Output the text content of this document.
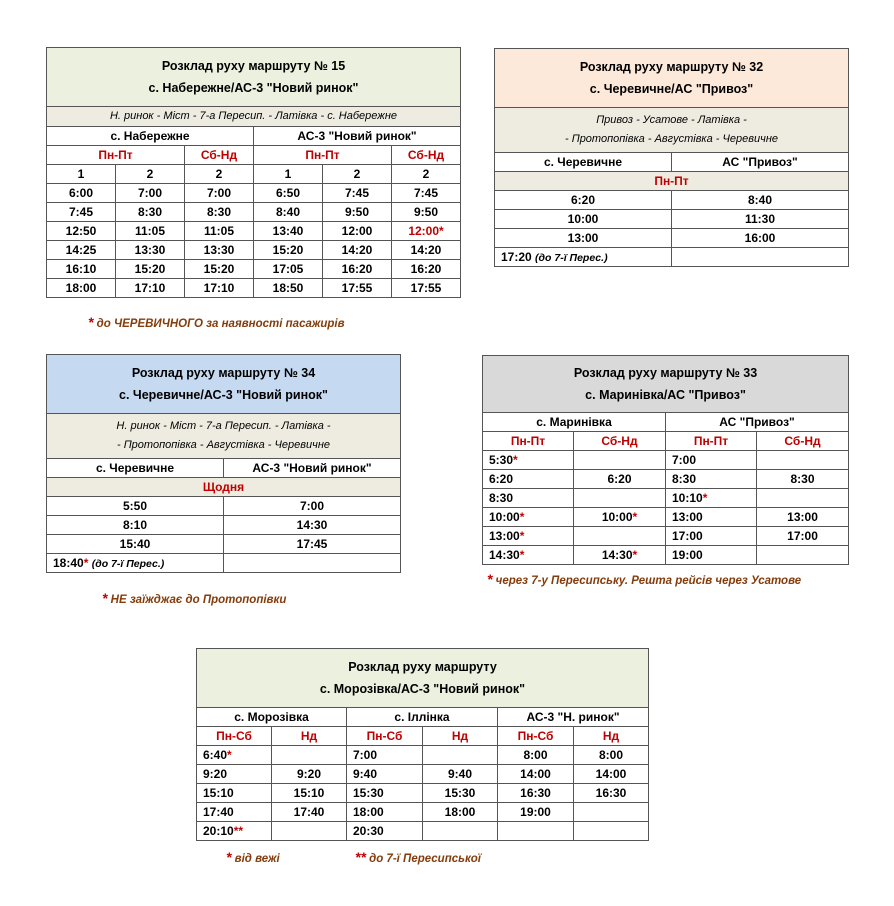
Розклад руху маршруту № 15
с. Набережне/АС-3 "Новий ринок"					

Н. ринок - Міст - 7-а Пересип. - Латівка - с. Набережне					
с. Набережне			АС-3 "Новий ринок"		
Пн-Пт		Сб-Нд	Пн-Пт		Сб-Нд
1	2	2	1	2	2
6:00	7:00	7:00	6:50	7:45	7:45
7:45	8:30	8:30	8:40	9:50	9:50
12:50	11:05	11:05	13:40	12:00	12:00*
14:25	13:30	13:30	15:20	14:20	14:20
16:10	15:20	15:20	17:05	16:20	16:20
18:00	17:10	17:10	18:50	17:55	17:55
* до ЧЕРЕВИЧНОГО за наявності пасажирів
Розклад руху маршруту № 32
с. Черевичне/АС "Привоз"	

Привоз - Усатове - Латівка -
- Протопопівка - Августівка - Черевичне	

с. Черевичне	АС "Привоз"
Пн-Пт	
6:20	8:40
10:00	11:30
13:00	16:00
17:20 (до 7-ї Перес.)	
Розклад руху маршруту № 34
с. Черевичне/АС-3 "Новий ринок"	

Н. ринок - Міст - 7-а Пересип. - Латівка -
- Протопопівка - Августівка - Черевичне	

с. Черевичне	АС-3 "Новий ринок"
Щодня	
5:50	7:00
8:10	14:30
15:40	17:45
18:40* (до 7-ї Перес.)	
* НЕ заїжджає до Протопопівки
Розклад руху маршруту № 33
с. Маринівка/АС "Привоз"			

с. Маринівка		АС "Привоз"	
Пн-Пт	Сб-Нд	Пн-Пт	Сб-Нд
5:30*		7:00	
6:20	6:20	8:30	8:30
8:30		10:10*	
10:00*	10:00*	13:00	13:00
13:00*		17:00	17:00
14:30*	14:30*	19:00	
* через 7-у Пересипську. Решта рейсів через Усатове
Розклад руху маршруту
с. Морозівка/АС-3 "Новий ринок"					

с. Морозівка		с. Іллінка		АС-3 "Н. ринок"	
Пн-Сб	Нд	Пн-Сб	Нд	Пн-Сб	Нд
6:40*		7:00		8:00	8:00
9:20	9:20	9:40	9:40	14:00	14:00
15:10	15:10	15:30	15:30	16:30	16:30
17:40	17:40	18:00	18:00	19:00	
20:10**		20:30			
* від вежі	** до 7-ї Пересипської
